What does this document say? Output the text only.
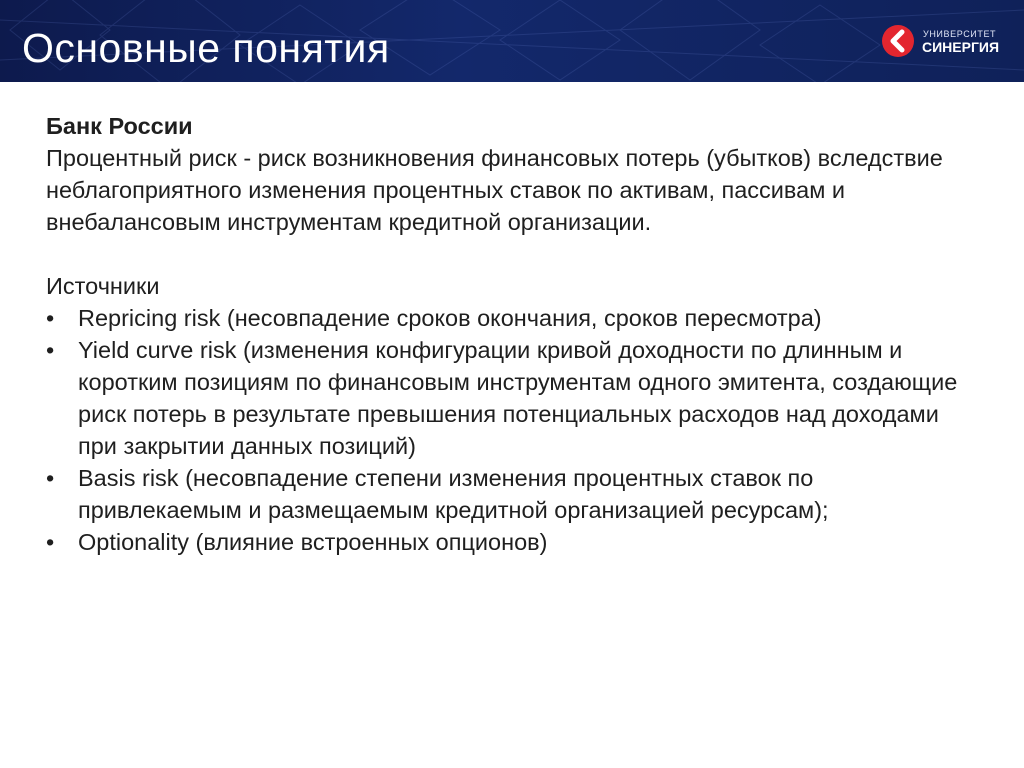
Основные понятия	УНИВЕРСИТЕТ
СИНЕРГИЯ

Банк России

Процентный риск - риск возникновения финансовых потерь (убытков) вследствие неблагоприятного изменения процентных ставок по активам, пассивам и внебалансовым инструментам кредитной организации.

Источники

• Repricing risk (несовпадение сроков окончания, сроков пересмотра)
• Yield curve risk (изменения конфигурации кривой доходности по длинным и коротким позициям по финансовым инструментам одного эмитента, создающие риск потерь в результате превышения потенциальных расходов над доходами при закрытии данных позиций)
• Basis risk (несовпадение степени изменения процентных ставок по привлекаемым и размещаемым кредитной организацией ресурсам);
• Optionality (влияние встроенных опционов)
